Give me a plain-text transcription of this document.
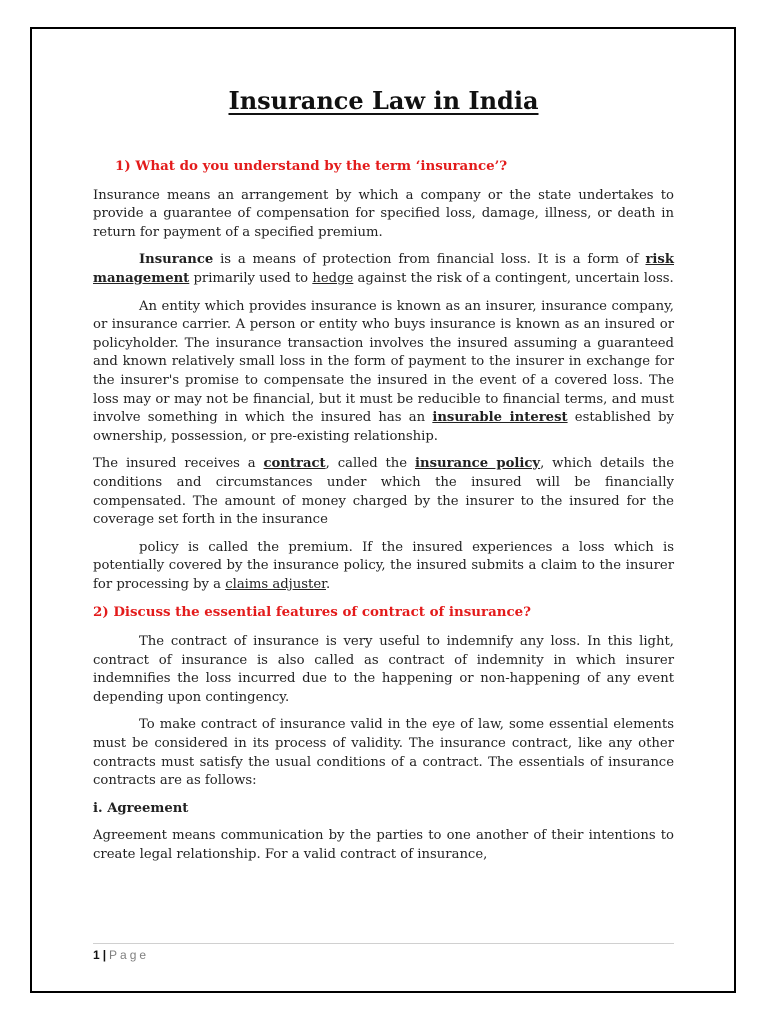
Insurance Law in India
1) What do you understand by the term ‘insurance’?

Insurance means an arrangement by which a company or the state undertakes to provide a guarantee of compensation for specified loss, damage, illness, or death in return for payment of a specified premium.

Insurance is a means of protection from financial loss. It is a form of risk management primarily used to hedge against the risk of a contingent, uncertain loss.

An entity which provides insurance is known as an insurer, insurance company, or insurance carrier. A person or entity who buys insurance is known as an insured or policyholder. The insurance transaction involves the insured assuming a guaranteed and known relatively small loss in the form of payment to the insurer in exchange for the insurer's promise to compensate the insured in the event of a covered loss. The loss may or may not be financial, but it must be reducible to financial terms, and must involve something in which the insured has an insurable interest established by ownership, possession, or pre-existing relationship.

The insured receives a contract, called the insurance policy, which details the conditions and circumstances under which the insured will be financially compensated. The amount of money charged by the insurer to the insured for the coverage set forth in the insurance

policy is called the premium. If the insured experiences a loss which is potentially covered by the insurance policy, the insured submits a claim to the insurer for processing by a claims adjuster.

2) Discuss the essential features of contract of insurance?

The contract of insurance is very useful to indemnify any loss. In this light, contract of insurance is also called as contract of indemnity in which insurer indemnifies the loss incurred due to the happening or non-happening of any event depending upon contingency.

To make contract of insurance valid in the eye of law, some essential elements must be considered in its process of validity. The insurance contract, like any other contracts must satisfy the usual conditions of a contract. The essentials of insurance contracts are as follows:

i. Agreement

Agreement means communication by the parties to one another of their intentions to create legal relationship. For a valid contract of insurance,

1 | Page
